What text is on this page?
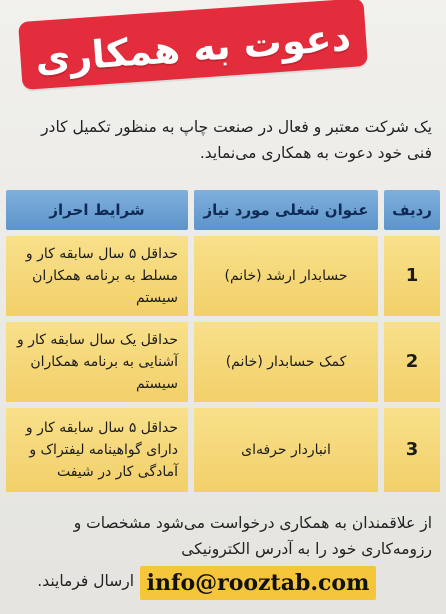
دعوت به همکاری
یک شرکت معتبر و فعال در صنعت چاپ به منظور تکمیل کادر فنی خود دعوت به همکاری می‌نماید.
ردیف
عنوان شغلی مورد نیاز
شرایط احراز
1
حسابدار ارشد (خانم)
حداقل ۵ سال سابقه کار و مسلط به برنامه همکاران سیستم
2
کمک حسابدار (خانم)
حداقل یک سال سابقه کار و آشنایی به برنامه همکاران سیستم
3
انباردار حرفه‌ای
حداقل ۵ سال سابقه کار و دارای گواهینامه لیفتراک و آمادگی کار در شیفت
از علاقمندان به همکاری درخواست می‌شود مشخصات و رزومه‌کاری خود را به آدرس الکترونیکی
ارسال فرمایند. info@rooztab.com
